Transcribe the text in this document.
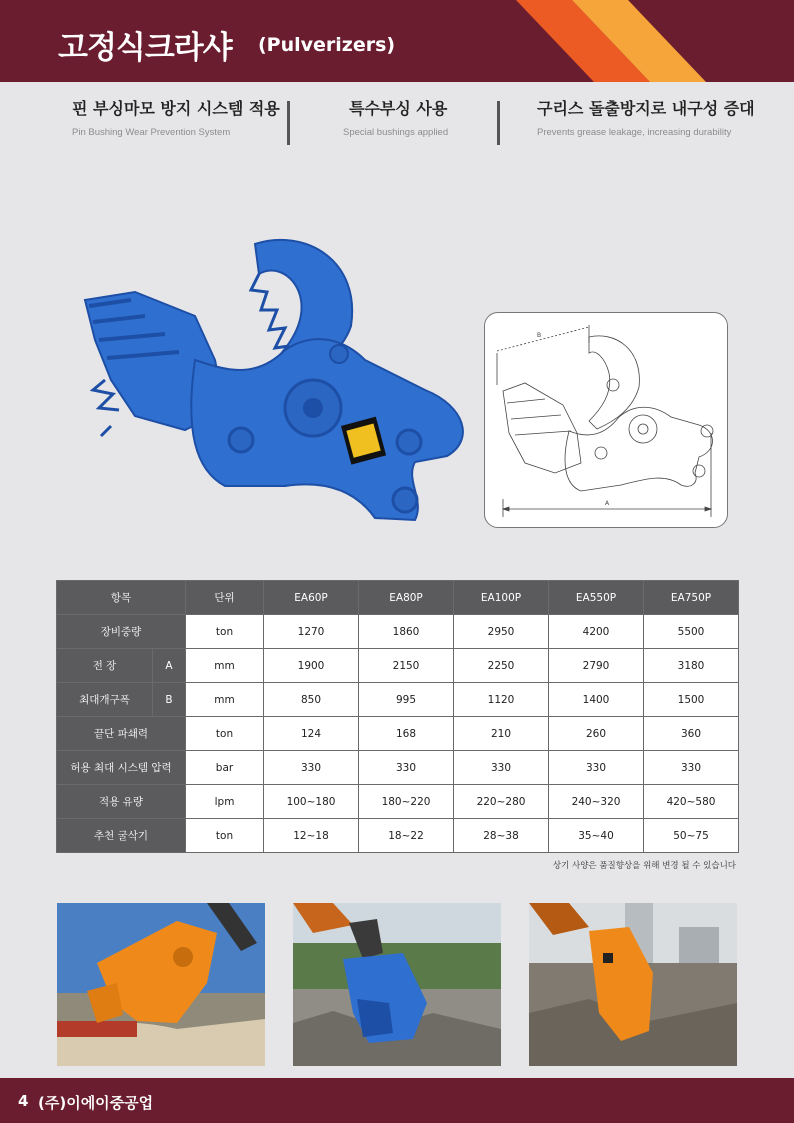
고정식크라샤 (Pulverizers)
핀 부싱마모 방지 시스템 적용
Pin Bushing Wear Prevention System
특수부싱 사용
Special bushings applied
구리스 돌출방지로 내구성 증대
Prevents grease leakage, increasing durability
B
A
항목		단위	EA60P	EA80P	EA100P	EA550P	EA750P
장비중량		ton	1270	1860	2950	4200	5500
전 장	A	mm	1900	2150	2250	2790	3180
최대개구폭	B	mm	850	995	1120	1400	1500
끝단 파쇄력		ton	124	168	210	260	360
허용 최대 시스템 압력		bar	330	330	330	330	330
적용 유량		lpm	100~180	180~220	220~280	240~320	420~580
추천 굴삭기		ton	12~18	18~22	28~38	35~40	50~75
상기 사양은 품질향상을 위해 변경 될 수 있습니다
4 (주)이에이중공업
